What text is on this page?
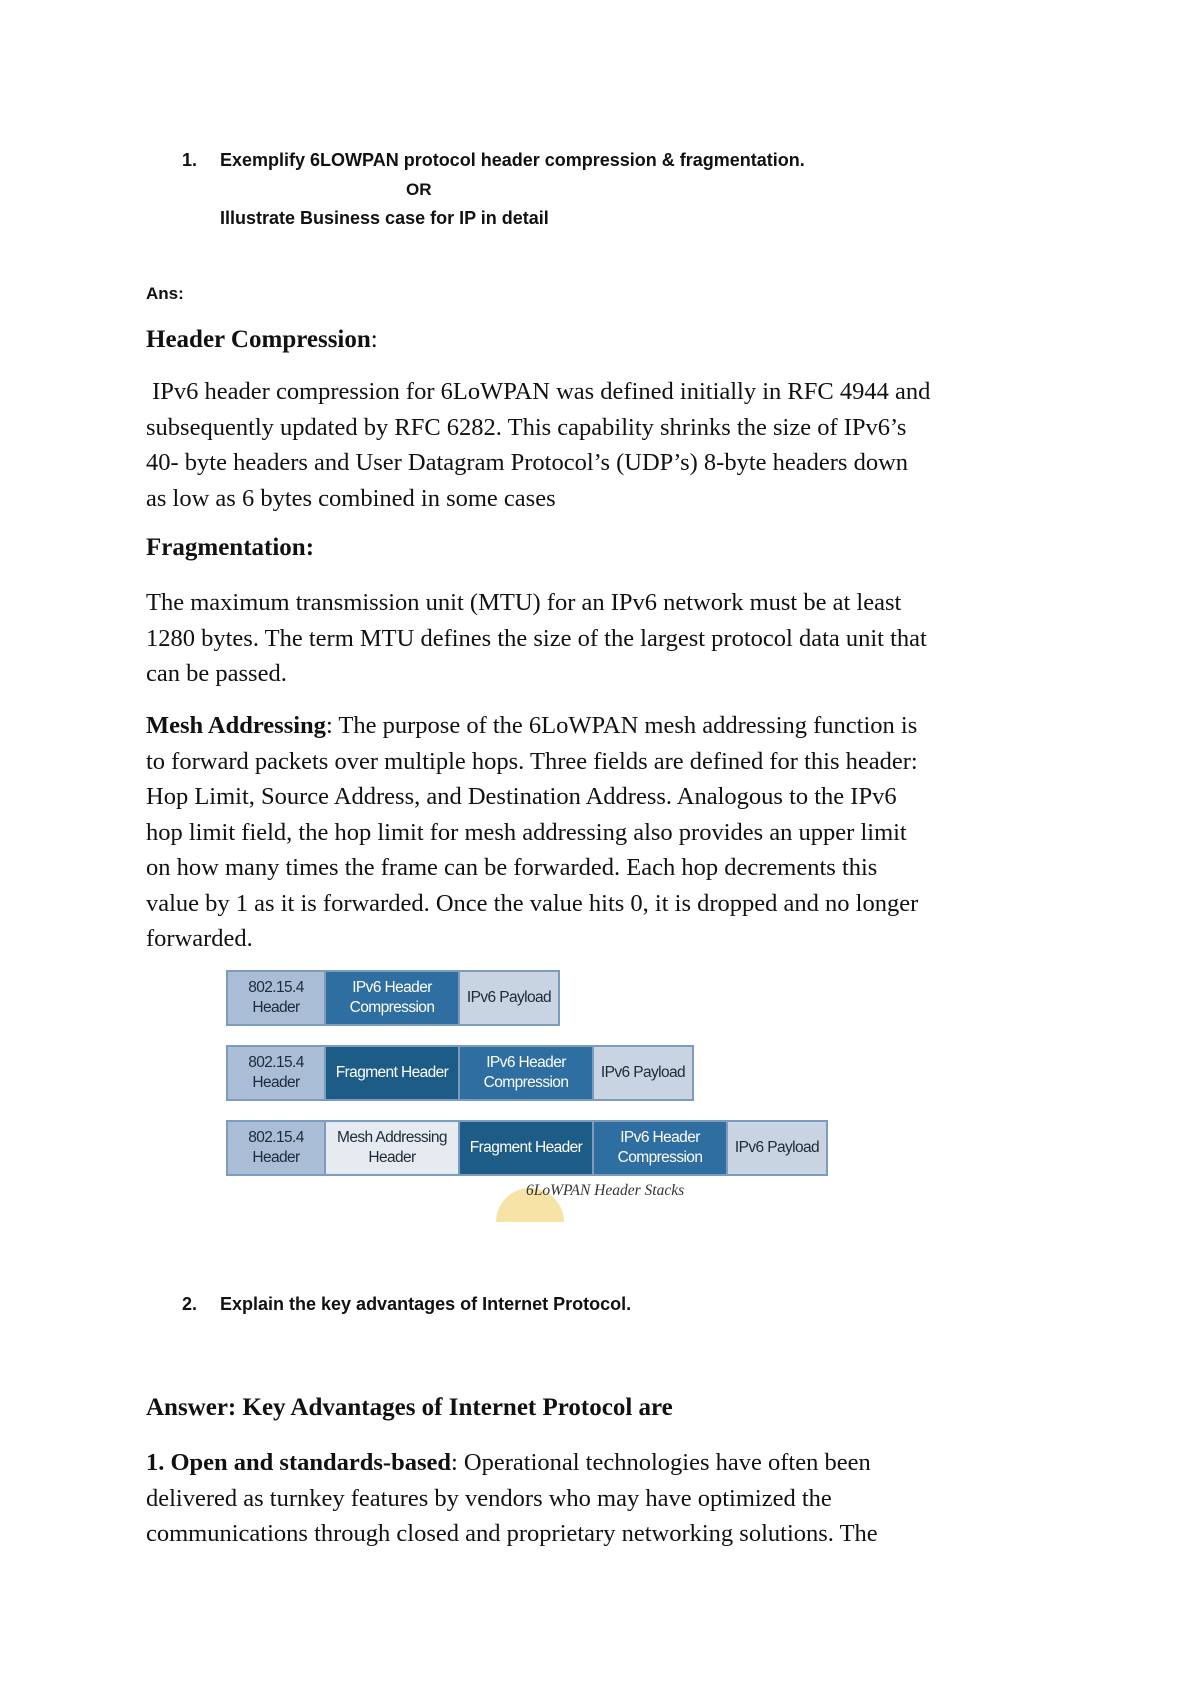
1. Exemplify 6LOWPAN protocol header compression & fragmentation.
OR
Illustrate Business case for IP in detail
Ans:
Header Compression:
IPv6 header compression for 6LoWPAN was defined initially in RFC 4944 and
subsequently updated by RFC 6282. This capability shrinks the size of IPv6’s
40- byte headers and User Datagram Protocol’s (UDP’s) 8-byte headers down
as low as 6 bytes combined in some cases
Fragmentation:
The maximum transmission unit (MTU) for an IPv6 network must be at least
1280 bytes. The term MTU defines the size of the largest protocol data unit that
can be passed.
Mesh Addressing: The purpose of the 6LoWPAN mesh addressing function is
to forward packets over multiple hops. Three fields are defined for this header:
Hop Limit, Source Address, and Destination Address. Analogous to the IPv6
hop limit field, the hop limit for mesh addressing also provides an upper limit
on how many times the frame can be forwarded. Each hop decrements this
value by 1 as it is forwarded. Once the value hits 0, it is dropped and no longer
forwarded.
802.15.4
Header
IPv6 Header
Compression
IPv6 Payload
802.15.4
Header
Fragment Header
IPv6 Header
Compression
IPv6 Payload
802.15.4
Header
Mesh Addressing
Header
Fragment Header
IPv6 Header
Compression
IPv6 Payload
6LoWPAN Header Stacks
2. Explain the key advantages of Internet Protocol.
Answer: Key Advantages of Internet Protocol are
1. Open and standards-based: Operational technologies have often been
delivered as turnkey features by vendors who may have optimized the
communications through closed and proprietary networking solutions. The
